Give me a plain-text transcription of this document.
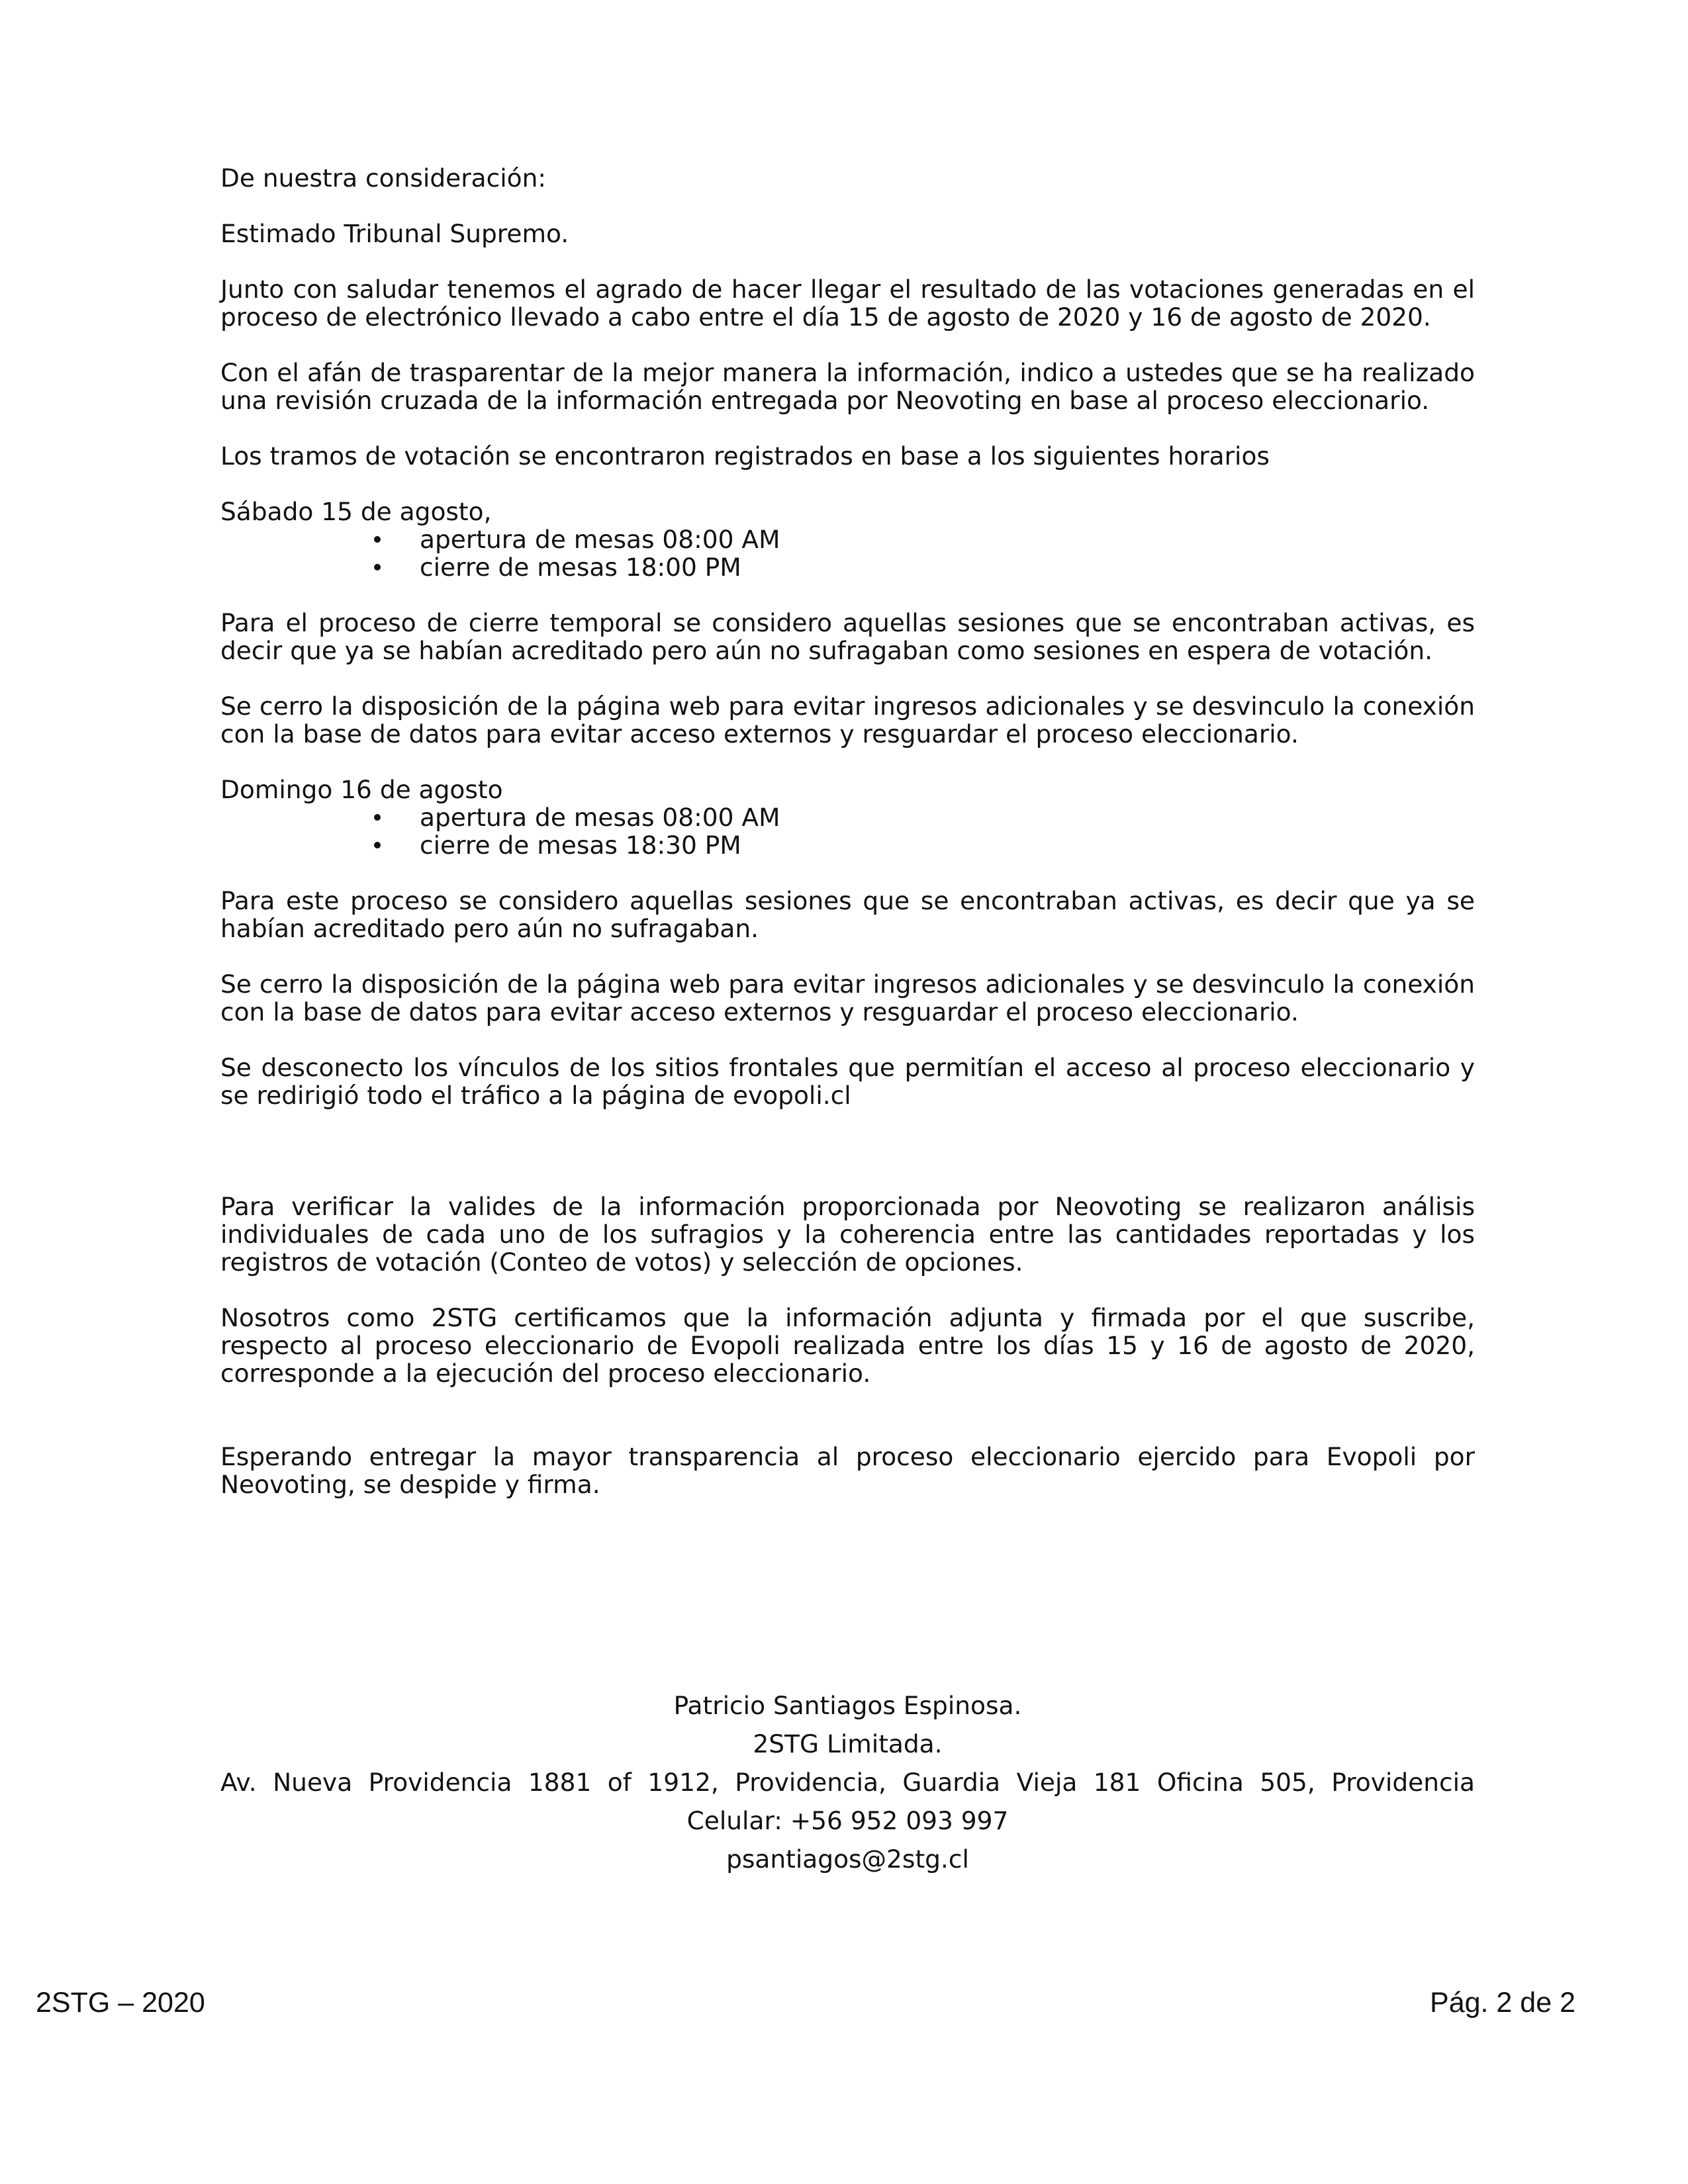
De nuestra consideración:

Estimado Tribunal Supremo.

Junto con saludar tenemos el agrado de hacer llegar el resultado de las votaciones generadas en el proceso de electrónico llevado a cabo entre el día 15 de agosto de 2020 y 16 de agosto de 2020.

Con el afán de trasparentar de la mejor manera la información, indico a ustedes que se ha realizado una revisión cruzada de la información entregada por Neovoting en base al proceso eleccionario.

Los tramos de votación se encontraron registrados en base a los siguientes horarios

Sábado 15 de agosto,

apertura de mesas 08:00 AM
cierre de mesas 18:00 PM

Para el proceso de cierre temporal se considero aquellas sesiones que se encontraban activas, es decir que ya se habían acreditado pero aún no sufragaban como sesiones en espera de votación.

Se cerro la disposición de la página web para evitar ingresos adicionales y se desvinculo la conexión con la base de datos para evitar acceso externos y resguardar el proceso eleccionario.

Domingo 16 de agosto

apertura de mesas 08:00 AM
cierre de mesas 18:30 PM

Para este proceso se considero aquellas sesiones que se encontraban activas, es decir que ya se habían acreditado pero aún no sufragaban.

Se cerro la disposición de la página web para evitar ingresos adicionales y se desvinculo la conexión con la base de datos para evitar acceso externos y resguardar el proceso eleccionario.

Se desconecto los vínculos de los sitios frontales que permitían el acceso al proceso eleccionario y se redirigió todo el tráfico a la página de evopoli.cl

Para verificar la valides de la información proporcionada por Neovoting se realizaron análisis individuales de cada uno de los sufragios y la coherencia entre las cantidades reportadas y los registros de votación (Conteo de votos) y selección de opciones.

Nosotros como 2STG certificamos que la información adjunta y firmada por el que suscribe, respecto al proceso eleccionario de Evopoli realizada entre los días 15 y 16 de agosto de 2020, corresponde a la ejecución del proceso eleccionario.

Esperando entregar la mayor transparencia al proceso eleccionario ejercido para Evopoli por Neovoting, se despide y firma.

Patricio Santiagos Espinosa.

2STG Limitada.

Av. Nueva Providencia 1881 of 1912, Providencia, Guardia Vieja 181 Oficina 505, Providencia

Celular: +56 952 093 997

psantiagos@2stg.cl

2STG – 2020	Pág. 2 de 2
